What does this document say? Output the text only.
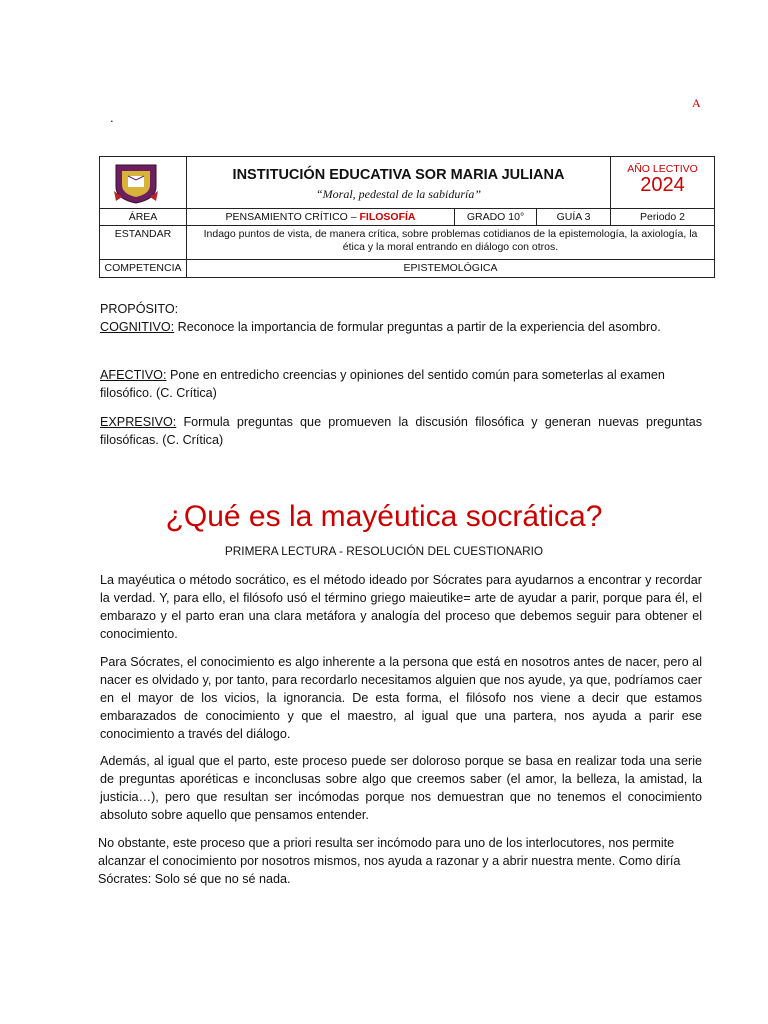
A
.
INSTITUCIÓN EDUCATIVA SOR MARIA JULIANA
“Moral, pedestal de la sabiduría”
AÑO LECTIVO
2024
ÁREA	PENSAMIENTO CRÍTICO – FILOSOFÍA	GRADO 10°	GUÍA 3	Periodo 2
ESTANDAR	Indago puntos de vista, de manera crítica, sobre problemas cotidianos de la epistemología, la axiología, la ética y la moral entrando en diálogo con otros.
COMPETENCIA	EPISTEMOLÓGICA
PROPÓSITO:
COGNITIVO: Reconoce la importancia de formular preguntas a partir de la experiencia del asombro.
AFECTIVO: Pone en entredicho creencias y opiniones del sentido común para someterlas al examen filosófico. (C. Crítica)
EXPRESIVO: Formula preguntas que promueven la discusión filosófica y generan nuevas preguntas filosóficas. (C. Crítica)
¿Qué es la mayéutica socrática?
PRIMERA LECTURA - RESOLUCIÓN DEL CUESTIONARIO
La mayéutica o método socrático, es el método ideado por Sócrates para ayudarnos a encontrar y recordar la verdad. Y, para ello, el filósofo usó el término griego maieutike= arte de ayudar a parir, porque para él, el embarazo y el parto eran una clara metáfora y analogía del proceso que debemos seguir para obtener el conocimiento.
Para Sócrates, el conocimiento es algo inherente a la persona que está en nosotros antes de nacer, pero al nacer es olvidado y, por tanto, para recordarlo necesitamos alguien que nos ayude, ya que, podríamos caer en el mayor de los vicios, la ignorancia. De esta forma, el filósofo nos viene a decir que estamos embarazados de conocimiento y que el maestro, al igual que una partera, nos ayuda a parir ese conocimiento a través del diálogo.
Además, al igual que el parto, este proceso puede ser doloroso porque se basa en realizar toda una serie de preguntas aporéticas e inconclusas sobre algo que creemos saber (el amor, la belleza, la amistad, la justicia…), pero que resultan ser incómodas porque nos demuestran que no tenemos el conocimiento absoluto sobre aquello que pensamos entender.
No obstante, este proceso que a priori resulta ser incómodo para uno de los interlocutores, nos permite alcanzar el conocimiento por nosotros mismos, nos ayuda a razonar y a abrir nuestra mente. Como diría Sócrates: Solo sé que no sé nada.
